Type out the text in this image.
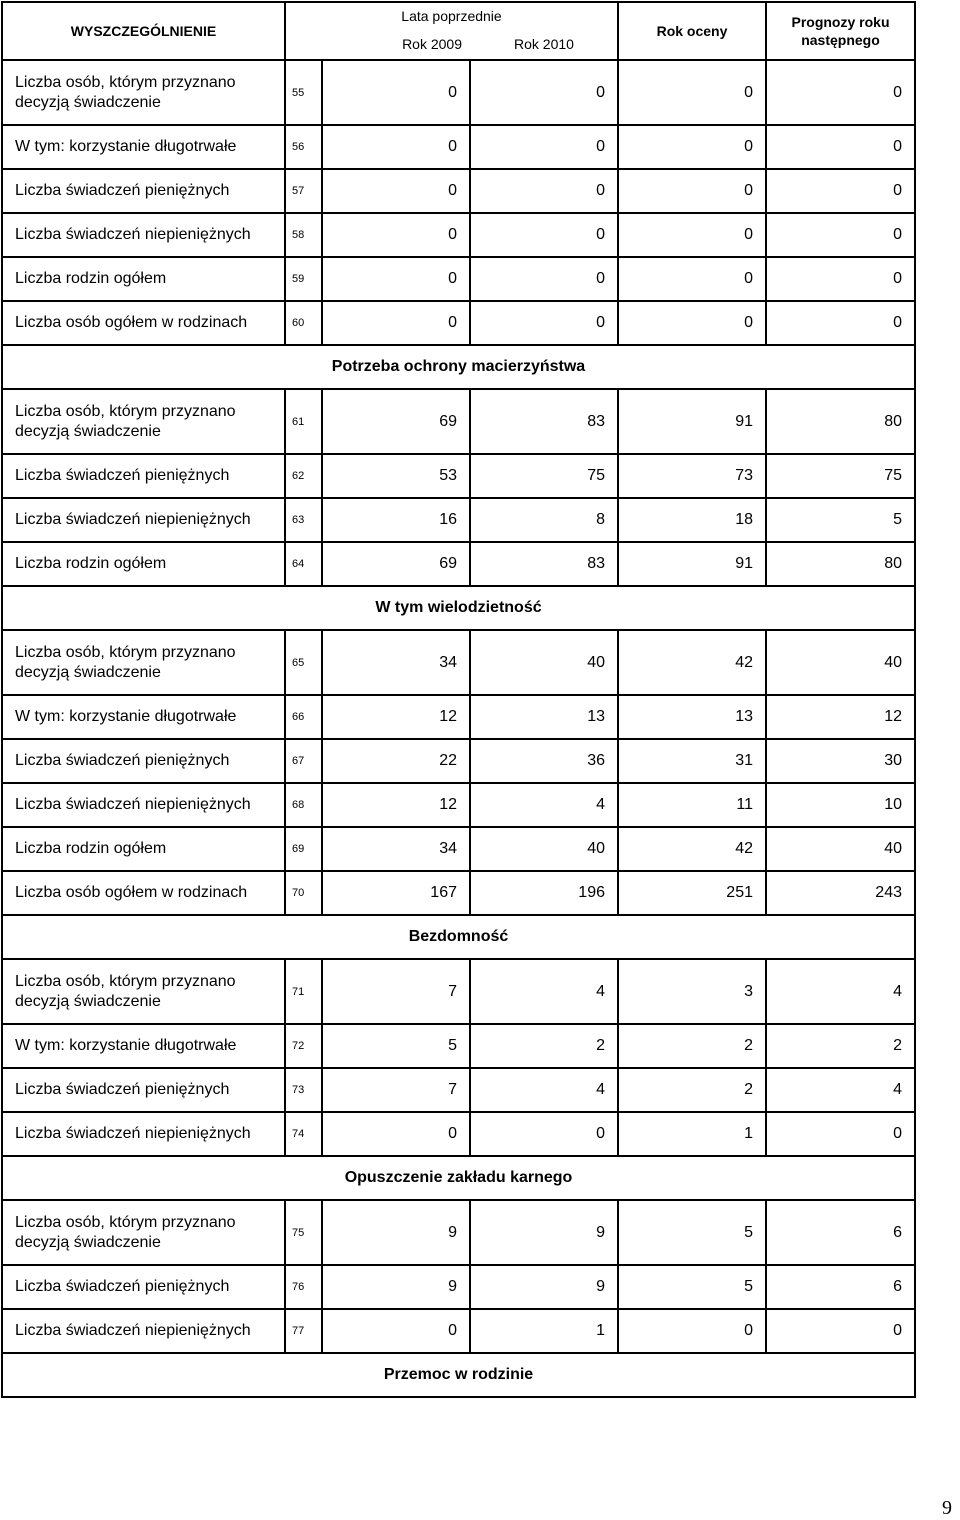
WYSZCZEGÓLNIENIE	Lata poprzednie			Rok oceny	Prognozy roku następnego
	Rok 2009		Rok 2010		
Liczba osób, którym przyznano decyzją świadczenie	55	0	0	0	0
W tym: korzystanie długotrwałe	56	0	0	0	0
Liczba świadczeń pieniężnych	57	0	0	0	0
Liczba świadczeń niepieniężnych	58	0	0	0	0
Liczba rodzin ogółem	59	0	0	0	0
Liczba osób ogółem w rodzinach	60	0	0	0	0
Potrzeba ochrony macierzyństwa					
Liczba osób, którym przyznano decyzją świadczenie	61	69	83	91	80
Liczba świadczeń pieniężnych	62	53	75	73	75
Liczba świadczeń niepieniężnych	63	16	8	18	5
Liczba rodzin ogółem	64	69	83	91	80
W tym wielodzietność					
Liczba osób, którym przyznano decyzją świadczenie	65	34	40	42	40
W tym: korzystanie długotrwałe	66	12	13	13	12
Liczba świadczeń pieniężnych	67	22	36	31	30
Liczba świadczeń niepieniężnych	68	12	4	11	10
Liczba rodzin ogółem	69	34	40	42	40
Liczba osób ogółem w rodzinach	70	167	196	251	243
Bezdomność					
Liczba osób, którym przyznano decyzją świadczenie	71	7	4	3	4
W tym: korzystanie długotrwałe	72	5	2	2	2
Liczba świadczeń pieniężnych	73	7	4	2	4
Liczba świadczeń niepieniężnych	74	0	0	1	0
Opuszczenie zakładu karnego					
Liczba osób, którym przyznano decyzją świadczenie	75	9	9	5	6
Liczba świadczeń pieniężnych	76	9	9	5	6
Liczba świadczeń niepieniężnych	77	0	1	0	0
Przemoc w rodzinie					
9
